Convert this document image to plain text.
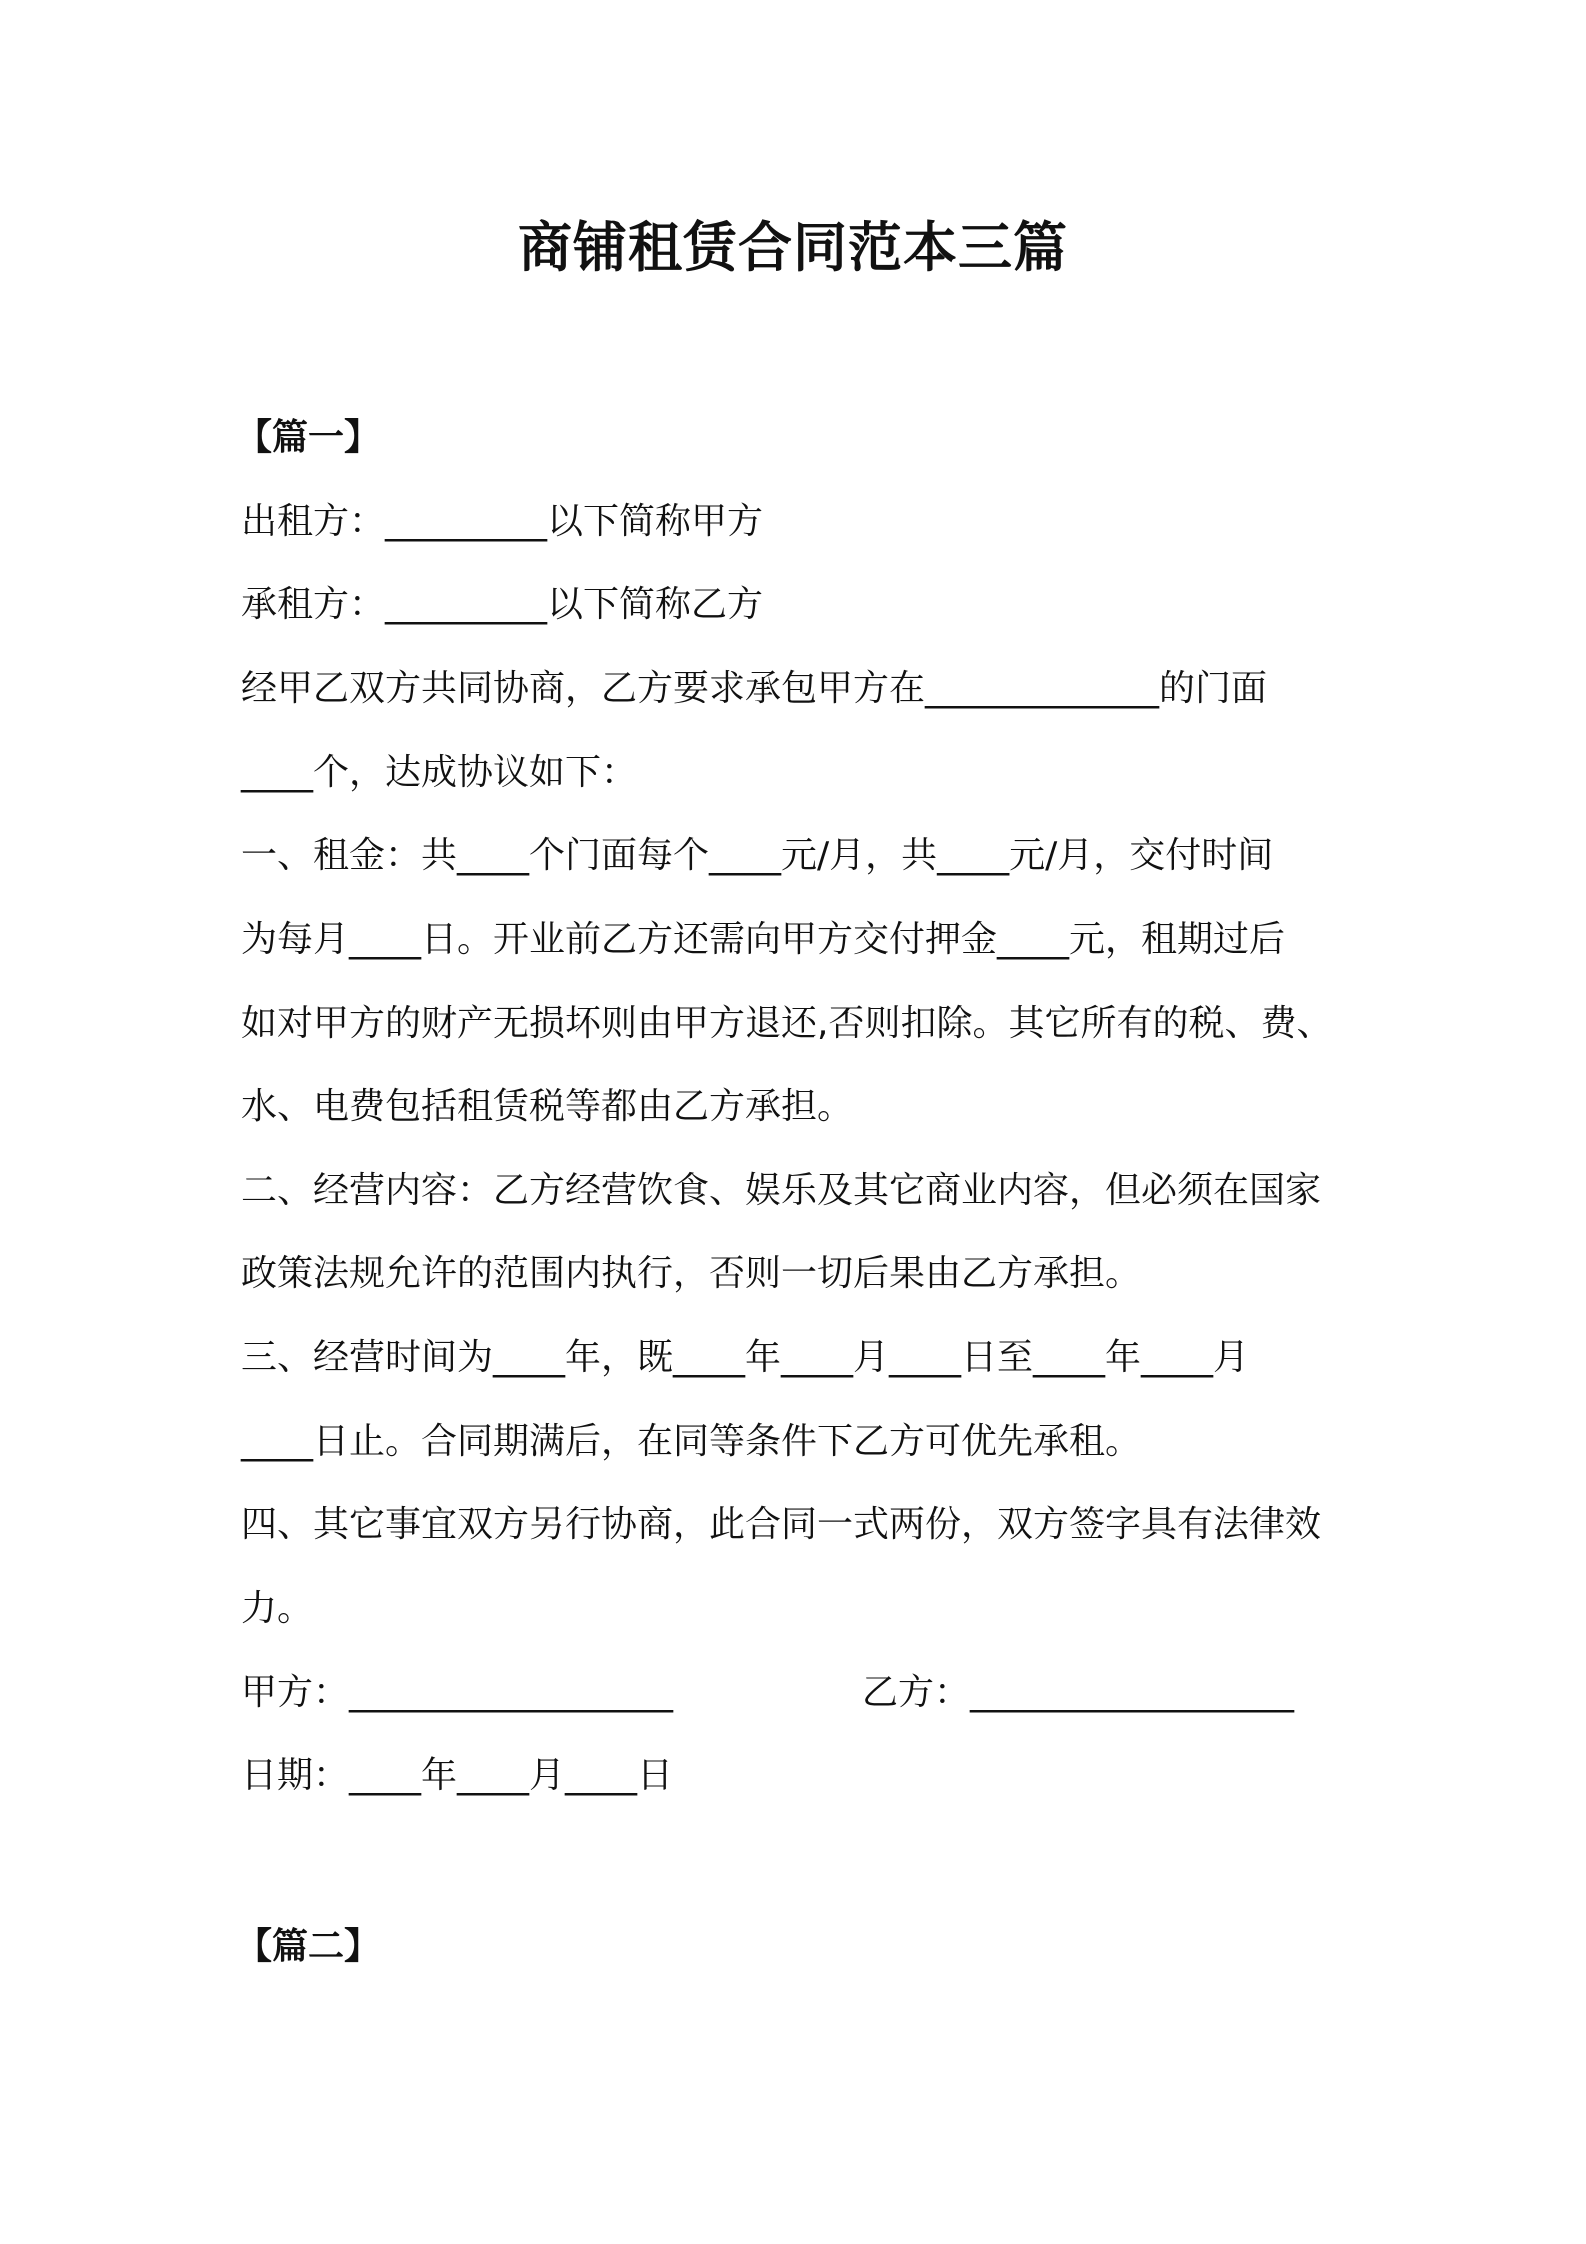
商铺租赁合同范本三篇
【篇一】
出租方：_________以下简称甲方
承租方：_________以下简称乙方
经甲乙双方共同协商，乙方要求承包甲方在_____________的门面
____个，达成协议如下：
一、租金：共____个门面每个____元/月，共____元/月，交付时间
为每月____日。开业前乙方还需向甲方交付押金____元，租期过后
如对甲方的财产无损坏则由甲方退还,否则扣除。其它所有的税、费、
水、电费包括租赁税等都由乙方承担。
二、经营内容：乙方经营饮食、娱乐及其它商业内容，但必须在国家
政策法规允许的范围内执行，否则一切后果由乙方承担。
三、经营时间为____年，既____年____月____日至____年____月
____日止。合同期满后，在同等条件下乙方可优先承租。
四、其它事宜双方另行协商，此合同一式两份，双方签字具有法律效
力。
甲方：__________________	乙方：__________________
日期：____年____月____日
【篇二】
